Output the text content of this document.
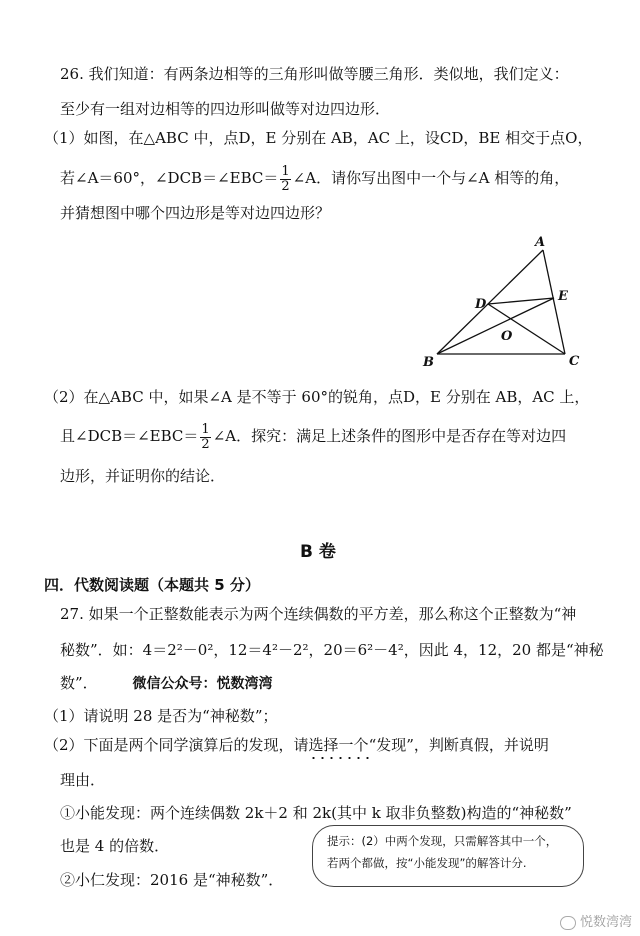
26. 我们知道：有两条边相等的三角形叫做等腰三角形．类似地，我们定义：
至少有一组对边相等的四边形叫做等对边四边形．
（1）如图，在△ABC 中，点D，E 分别在 AB，AC 上，设CD，BE 相交于点O，
若∠A＝60°，∠DCB＝∠EBC＝ $\frac{1}{2}$ ∠A．请你写出图中一个与∠A 相等的角，
并猜想图中哪个四边形是等对边四边形？
A
B	C
D
E
O
（2）在△ABC 中，如果∠A 是不等于 60°的锐角，点D，E 分别在 AB，AC 上，
且∠DCB＝∠EBC＝ $\frac{1}{2}$ ∠A．探究：满足上述条件的图形中是否存在等对边四
边形，并证明你的结论．
B 卷
四．代数阅读题（本题共 5 分）
27. 如果一个正整数能表示为两个连续偶数的平方差，那么称这个正整数为“神
秘数”．如：4＝2²－0²，12＝4²－2²，20＝6²－4²，因此 4，12，20 都是“神秘
数”． 微信公众号：悦数湾湾
（1）请说明 28 是否为“神秘数”；
（2）下面是两个同学演算后的发现，请选择一个“发现”，判断真假，并说明
理由．
①小能发现：两个连续偶数 2k＋2 和 2k(其中 k 取非负整数)构造的“神秘数”
也是 4 的倍数．
②小仁发现：2016 是“神秘数”．
提示：(2）中两个发现，只需解答其中一个，
若两个都做，按“小能发现”的解答计分.
悦数湾湾
